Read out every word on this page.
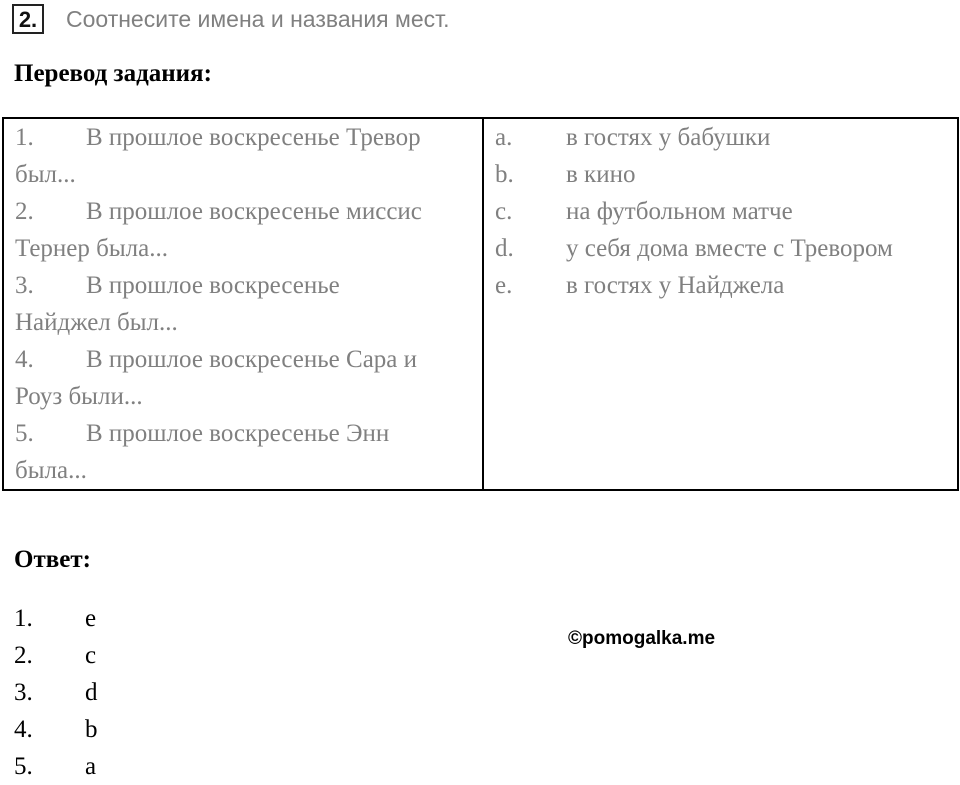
2. Соотнесите имена и названия мест.
Перевод задания:
1. В прошлое воскресенье Тревор
был...
2. В прошлое воскресенье миссис
Тернер была...
3. В прошлое воскресенье
Найджел был...
4. В прошлое воскресенье Сара и
Роуз были...
5. В прошлое воскресенье Энн
была...

a. в гостях у бабушки
b. в кино
c. на футбольном матче
d. у себя дома вместе с Тревором
e. в гостях у Найджела
Ответ:
1. e
2. c
3. d
4. b
5. a
©pomogalka.me
